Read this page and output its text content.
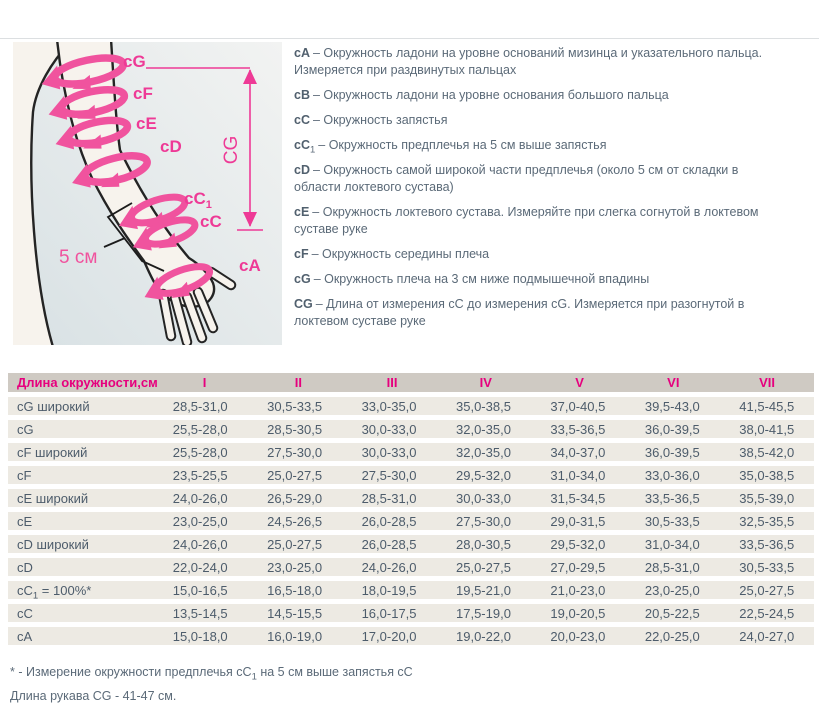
cG
cF
cE
cD
$cC_1$
cC
cA
CG
5 см

cA – Окружность ладони на уровне оснований мизинца и указательного пальца. Измеряется при раздвинутых пальцах

cB – Окружность ладони на уровне основания большого пальца

cC – Окружность запястья

$cC_1$ – Окружность предплечья на 5 см выше запястья

cD – Окружность самой широкой части предплечья (около 5 см от складки в области локтевого сустава)

cE – Окружность локтевого сустава. Измеряйте при слегка согнутой в локтевом суставе руке

cF – Окружность середины плеча

cG – Окружность плеча на 3 см ниже подмышечной впадины

CG – Длина от измерения cC до измерения cG. Измеряется при разогнутой в локтевом суставе руке

Длина окружности,см	I	II	III	IV	V	VI	VII
cG широкий	28,5-31,0	30,5-33,5	33,0-35,0	35,0-38,5	37,0-40,5	39,5-43,0	41,5-45,5
cG	25,5-28,0	28,5-30,5	30,0-33,0	32,0-35,0	33,5-36,5	36,0-39,5	38,0-41,5
cF широкий	25,5-28,0	27,5-30,0	30,0-33,0	32,0-35,0	34,0-37,0	36,0-39,5	38,5-42,0
cF	23,5-25,5	25,0-27,5	27,5-30,0	29,5-32,0	31,0-34,0	33,0-36,0	35,0-38,5
cE широкий	24,0-26,0	26,5-29,0	28,5-31,0	30,0-33,0	31,5-34,5	33,5-36,5	35,5-39,0
cE	23,0-25,0	24,5-26,5	26,0-28,5	27,5-30,0	29,0-31,5	30,5-33,5	32,5-35,5
cD широкий	24,0-26,0	25,0-27,5	26,0-28,5	28,0-30,5	29,5-32,0	31,0-34,0	33,5-36,5
cD	22,0-24,0	23,0-25,0	24,0-26,0	25,0-27,5	27,0-29,5	28,5-31,0	30,5-33,5
$cC_1 = 100\%*$	15,0-16,5	16,5-18,0	18,0-19,5	19,5-21,0	21,0-23,0	23,0-25,0	25,0-27,5
cC	13,5-14,5	14,5-15,5	16,0-17,5	17,5-19,0	19,0-20,5	20,5-22,5	22,5-24,5
cA	15,0-18,0	16,0-19,0	17,0-20,0	19,0-22,0	20,0-23,0	22,0-25,0	24,0-27,0
* - Измерение окружности предплечья $cC_1$ на 5 см выше запястья cC
Длина рукава CG - 41-47 см.
